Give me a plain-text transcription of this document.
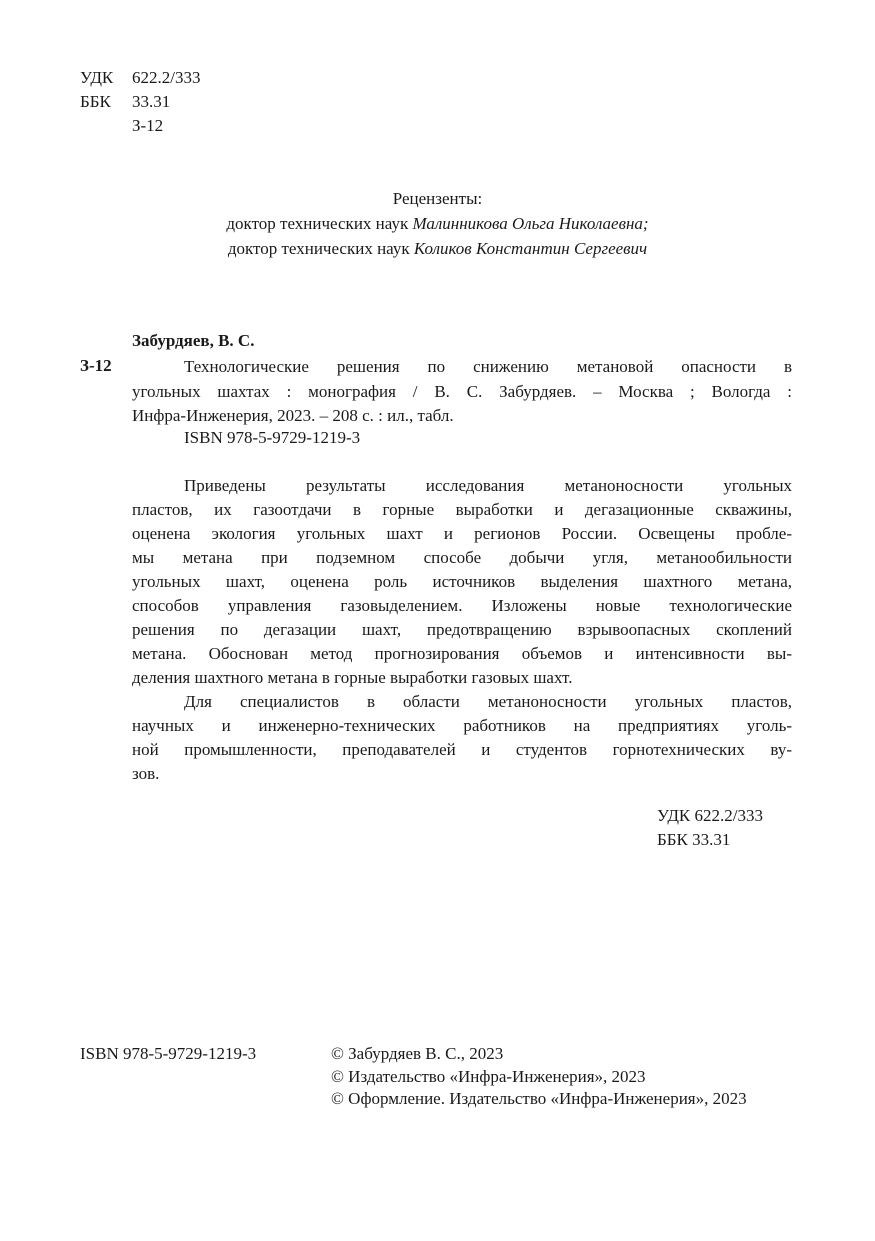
УДК 622.2/333
ББК 33.31
З-12
Рецензенты:
доктор технических наук Малинникова Ольга Николаевна;
доктор технических наук Коликов Константин Сергеевич
Забурдяев, В. С.
З-12	Технологические решения по снижению метановой опасности в
угольных шахтах : монография / В. С. Забурдяев. – Москва ; Вологда :
Инфра-Инженерия, 2023. – 208 с. : ил., табл.
ISBN 978-5-9729-1219-3
Приведены результаты исследования метаноносности угольных
пластов, их газоотдачи в горные выработки и дегазационные скважины,
оценена экология угольных шахт и регионов России. Освещены пробле-
мы метана при подземном способе добычи угля, метанообильности
угольных шахт, оценена роль источников выделения шахтного метана,
способов управления газовыделением. Изложены новые технологические
решения по дегазации шахт, предотвращению взрывоопасных скоплений
метана. Обоснован метод прогнозирования объемов и интенсивности вы-
деления шахтного метана в горные выработки газовых шахт.
Для специалистов в области метаноносности угольных пластов,
научных и инженерно-технических работников на предприятиях уголь-
ной промышленности, преподавателей и студентов горнотехнических ву-
зов.
УДК 622.2/333
ББК 33.31
ISBN 978-5-9729-1219-3	© Забурдяев В. С., 2023
© Издательство «Инфра-Инженерия», 2023
© Оформление. Издательство «Инфра-Инженерия», 2023
